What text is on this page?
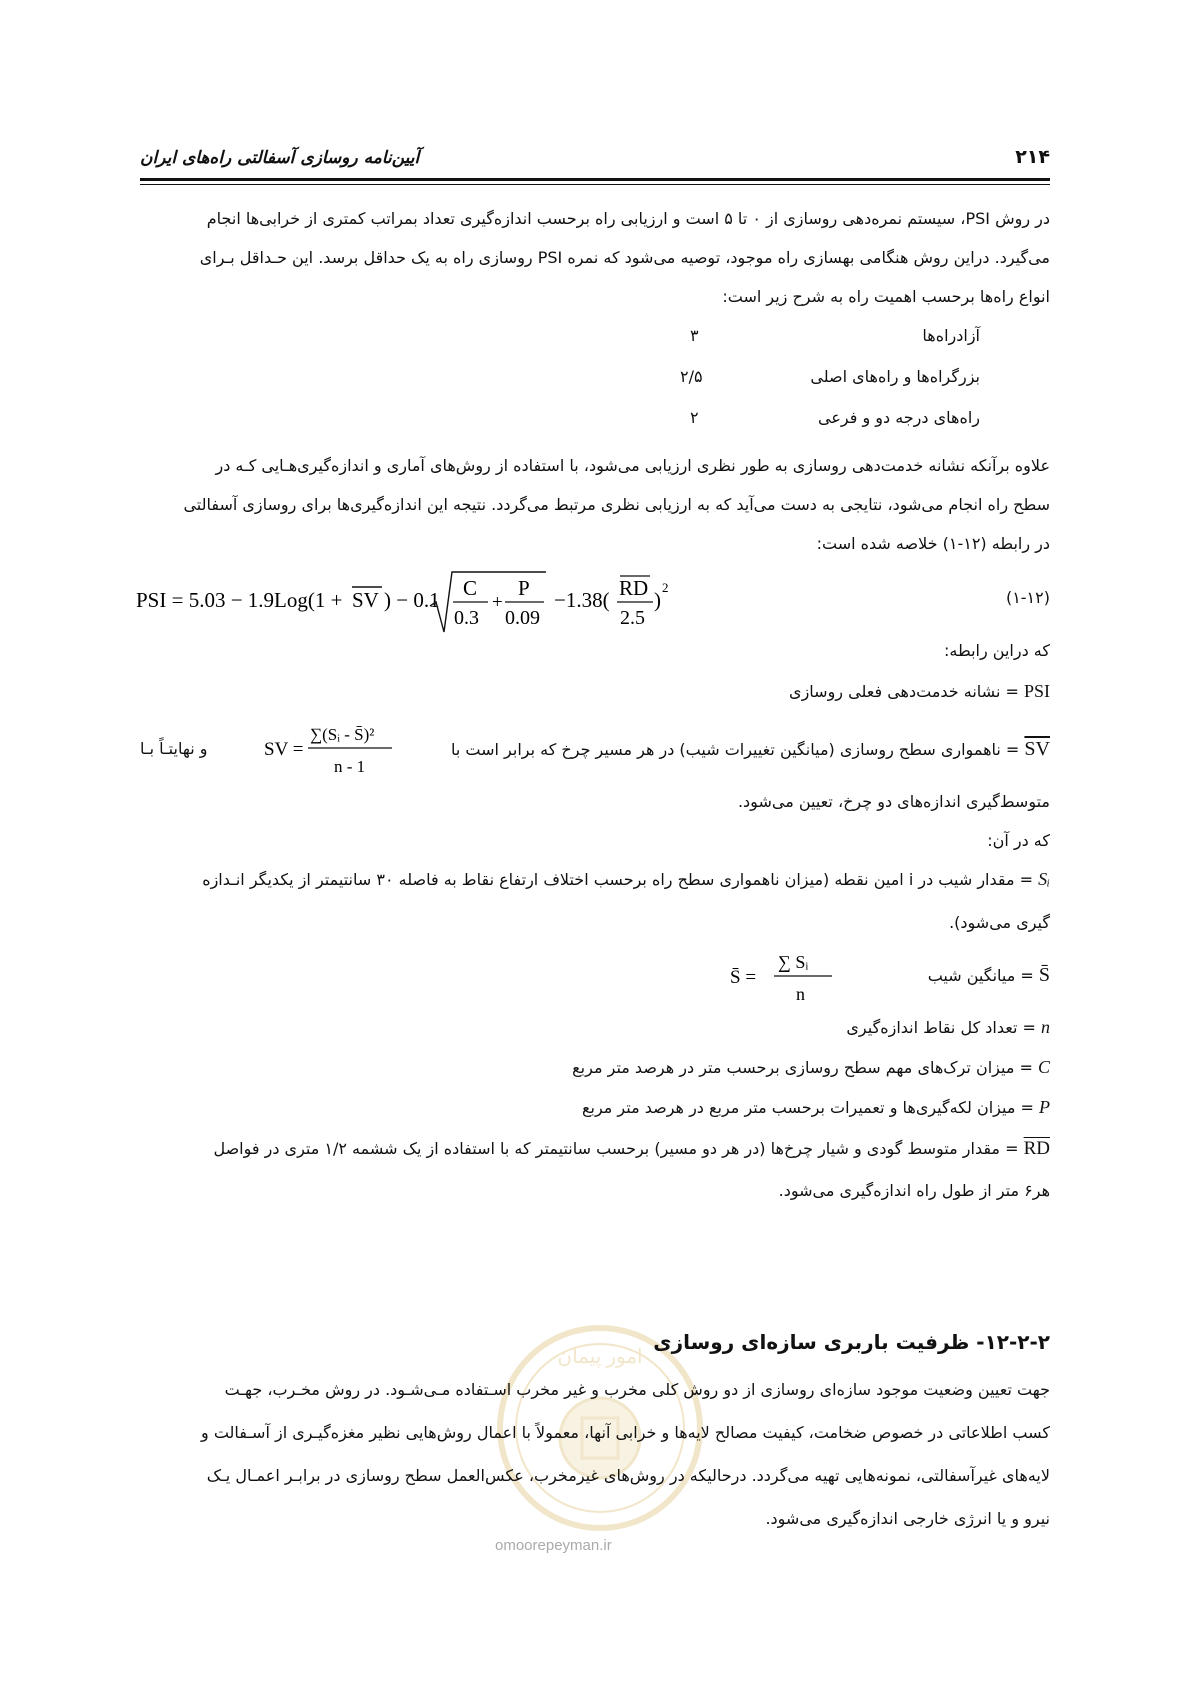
آیین‌نامه روسازی آسفالتی راه‌های ایران	۲۱۴
در روش PSI، سیستم نمره‌دهی روسازی از ۰ تا ۵ است و ارزیابی راه برحسب اندازه‌گیری تعداد بمراتب کمتری از خرابی‌ها انجام
می‌گیرد. دراین روش هنگامی بهسازی راه موجود، توصیه می‌شود که نمره PSI روسازی راه به یک حداقل برسد. این حـداقل بـرای
انواع راه‌ها برحسب اهمیت راه به شرح زیر است:
آزادراه‌ها
۳
بزرگراه‌ها و راه‌های اصلی
۲/۵
راه‌های درجه دو و فرعی
۲
علاوه برآنکه نشانه خدمت‌دهی روسازی به طور نظری ارزیابی می‌شود، با استفاده از روش‌های آماری و اندازه‌گیری‌هـایی کـه در
سطح راه انجام می‌شود، نتایجی به دست می‌آید که به ارزیابی نظری مرتبط می‌گردد. نتیجه این اندازه‌گیری‌ها برای روسازی آسفالتی
در رابطه (۱۲-۱) خلاصه شده است:
PSI = 5.03 − 1.9Log(1 + SV ) − 0.1 C
0.3
+
P
0.09
−1.38( RD
2.5
)
2
(۱-۱۲)
که دراین رابطه:
PSI = نشانه خدمت‌دهی فعلی روسازی
SV = ناهمواری سطح روسازی (میانگین تغییرات شیب) در هر مسیر چرخ که برابر است با
SV =
∑(Sᵢ - S̄)²
n - 1
و نهایتـاً بـا
متوسط‌گیری اندازه‌های دو چرخ، تعیین می‌شود.
که در آن:
Sᵢ = مقدار شیب در i امین نقطه (میزان ناهمواری سطح راه برحسب اختلاف ارتفاع نقاط به فاصله ۳۰ سانتیمتر از یکدیگر انـدازه
گیری می‌شود).
S̄ = میانگین شیب
S̄ =
∑ Sᵢ
n
n = تعداد کل نقاط اندازه‌گیری
C = میزان ترک‌های مهم سطح روسازی برحسب متر در هرصد متر مربع
P = میزان لکه‌گیری‌ها و تعمیرات برحسب متر مربع در هرصد متر مربع
RD = مقدار متوسط گودی و شیار چرخ‌ها (در هر دو مسیر) برحسب سانتیمتر که با استفاده از یک ششمه ۱/۲ متری در فواصل
هر۶ متر از طول راه اندازه‌گیری می‌شود.
امور پیمان
omoorepeyman.ir
۱۲-۲-۲- ظرفیت باربری سازه‌ای روسازی
جهت تعیین وضعیت موجود سازه‌ای روسازی از دو روش کلی مخرب و غیر مخرب اسـتفاده مـی‌شـود. در روش مخـرب، جهـت
کسب اطلاعاتی در خصوص ضخامت، کیفیت مصالح لایه‌ها و خرابی آنها، معمولاً با اعمال روش‌هایی نظیر مغزه‌گیـری از آسـفالت و
لایه‌های غیرآسفالتی، نمونه‌هایی تهیه می‌گردد. درحالیکه در روش‌های غیرمخرب، عکس‌العمل سطح روسازی در برابـر اعمـال یـک
نیرو و یا انرژی خارجی اندازه‌گیری می‌شود.
